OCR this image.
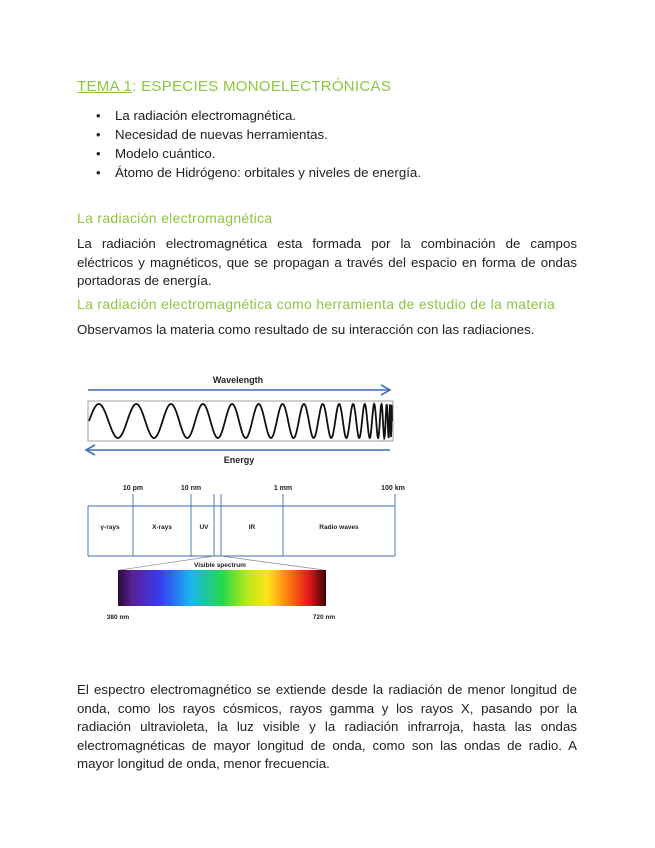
TEMA 1: ESPECIES MONOELECTRÓNICAS
• La radiación electromagnética.
• Necesidad de nuevas herramientas.
• Modelo cuántico.
• Átomo de Hidrógeno: orbitales y niveles de energía.
La radiación electromagnética
La radiación electromagnética esta formada por la combinación de campos eléctricos y magnéticos, que se propagan a través del espacio en forma de ondas portadoras de energía.
La radiación electromagnética como herramienta de estudio de la materia
Observamos la materia como resultado de su interacción con las radiaciones.
Wavelength
Energy
10 pm	10 nm	1 mm	100 km
γ-rays	X-rays	UV	IR	Radio waves
Visible spectrum
380 nm	720 nm
El espectro electromagnético se extiende desde la radiación de menor longitud de onda, como los rayos cósmicos, rayos gamma y los rayos X, pasando por la radiación ultravioleta, la luz visible y la radiación infrarroja, hasta las ondas electromagnéticas de mayor longitud de onda, como son las ondas de radio. A mayor longitud de onda, menor frecuencia.
